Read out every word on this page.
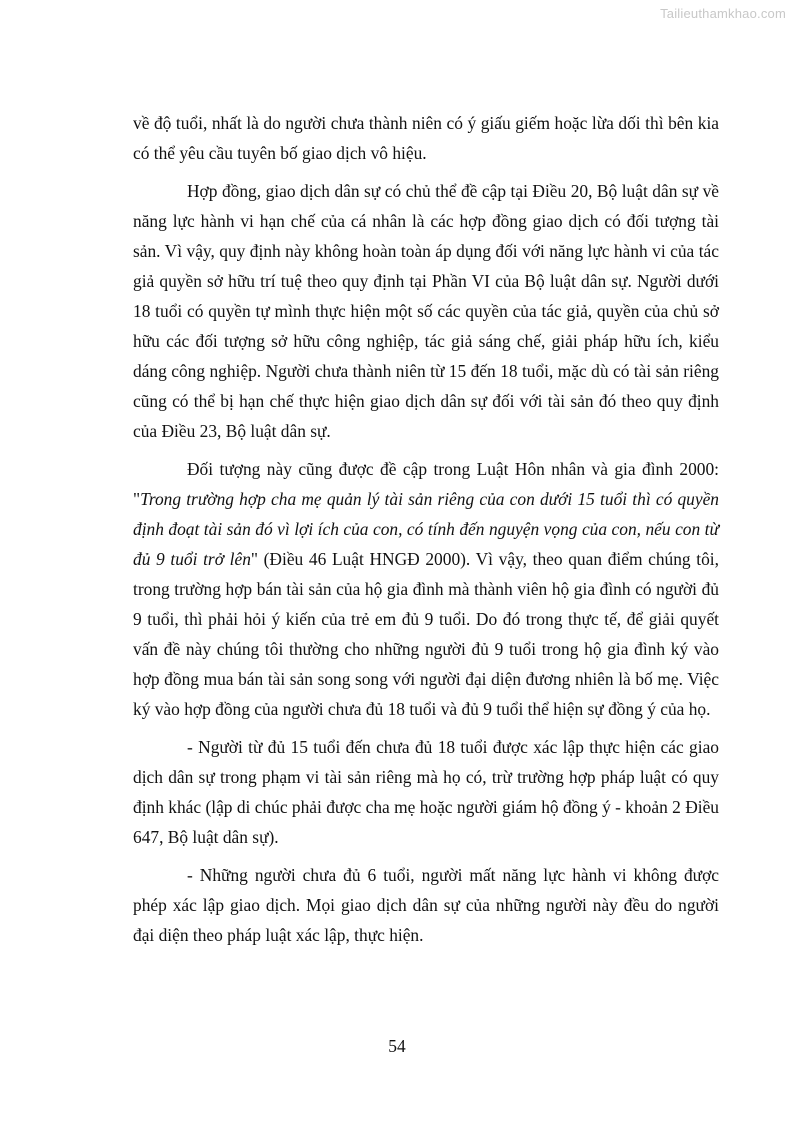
Tailieuthamkhao.com

về độ tuổi, nhất là do người chưa thành niên có ý giấu giếm hoặc lừa dối thì bên kia có thể yêu cầu tuyên bố giao dịch vô hiệu.

Hợp đồng, giao dịch dân sự có chủ thể đề cập tại Điều 20, Bộ luật dân sự về năng lực hành vi hạn chế của cá nhân là các hợp đồng giao dịch có đối tượng tài sản. Vì vậy, quy định này không hoàn toàn áp dụng đối với năng lực hành vi của tác giả quyền sở hữu trí tuệ theo quy định tại Phần VI của Bộ luật dân sự. Người dưới 18 tuổi có quyền tự mình thực hiện một số các quyền của tác giả, quyền của chủ sở hữu các đối tượng sở hữu công nghiệp, tác giả sáng chế, giải pháp hữu ích, kiểu dáng công nghiệp. Người chưa thành niên từ 15 đến 18 tuổi, mặc dù có tài sản riêng cũng có thể bị hạn chế thực hiện giao dịch dân sự đối với tài sản đó theo quy định của Điều 23, Bộ luật dân sự.

Đối tượng này cũng được đề cập trong Luật Hôn nhân và gia đình 2000: "Trong trường hợp cha mẹ quản lý tài sản riêng của con dưới 15 tuổi thì có quyền định đoạt tài sản đó vì lợi ích của con, có tính đến nguyện vọng của con, nếu con từ đủ 9 tuổi trở lên" (Điều 46 Luật HNGĐ 2000). Vì vậy, theo quan điểm chúng tôi, trong trường hợp bán tài sản của hộ gia đình mà thành viên hộ gia đình có người đủ 9 tuổi, thì phải hỏi ý kiến của trẻ em đủ 9 tuổi. Do đó trong thực tế, để giải quyết vấn đề này chúng tôi thường cho những người đủ 9 tuổi trong hộ gia đình ký vào hợp đồng mua bán tài sản song song với người đại diện đương nhiên là bố mẹ. Việc ký vào hợp đồng của người chưa đủ 18 tuổi và đủ 9 tuổi thể hiện sự đồng ý của họ.

- Người từ đủ 15 tuổi đến chưa đủ 18 tuổi được xác lập thực hiện các giao dịch dân sự trong phạm vi tài sản riêng mà họ có, trừ trường hợp pháp luật có quy định khác (lập di chúc phải được cha mẹ hoặc người giám hộ đồng ý - khoản 2 Điều 647, Bộ luật dân sự).

- Những người chưa đủ 6 tuổi, người mất năng lực hành vi không được phép xác lập giao dịch. Mọi giao dịch dân sự của những người này đều do người đại diện theo pháp luật xác lập, thực hiện.

54
